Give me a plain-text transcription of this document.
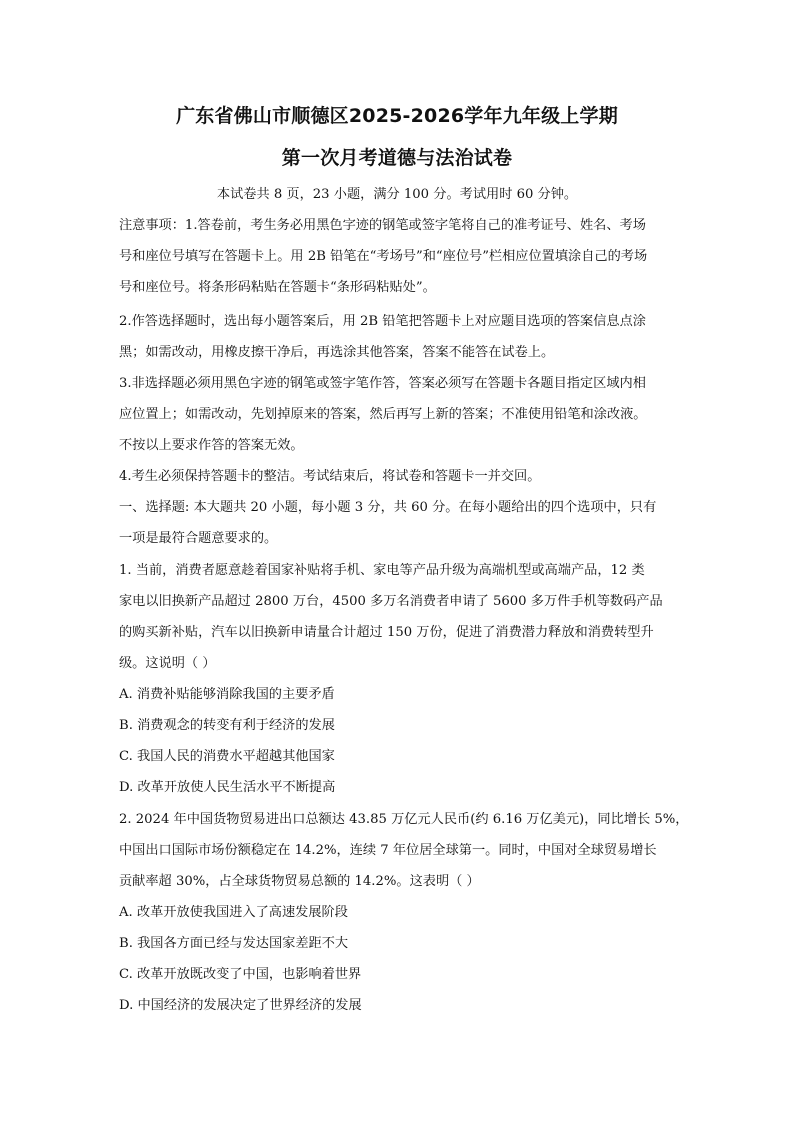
广东省佛山市顺德区2025-2026学年九年级上学期
第一次月考道德与法治试卷
本试卷共 8 页，23 小题，满分 100 分。考试用时 60 分钟。
注意事项：1.答卷前，考生务必用黑色字迹的钢笔或签字笔将自己的准考证号、姓名、考场
号和座位号填写在答题卡上。用 2B 铅笔在“考场号”和“座位号”栏相应位置填涂自己的考场
号和座位号。将条形码粘贴在答题卡“条形码粘贴处”。
2.作答选择题时，选出每小题答案后，用 2B 铅笔把答题卡上对应题目选项的答案信息点涂
黑；如需改动，用橡皮擦干净后，再选涂其他答案，答案不能答在试卷上。
3.非选择题必须用黑色字迹的钢笔或签字笔作答，答案必须写在答题卡各题目指定区域内相
应位置上；如需改动，先划掉原来的答案，然后再写上新的答案；不准使用铅笔和涂改液。
不按以上要求作答的答案无效。
4.考生必须保持答题卡的整洁。考试结束后，将试卷和答题卡一并交回。
一、选择题: 本大题共 20 小题，每小题 3 分，共 60 分。在每小题给出的四个选项中，只有
一项是最符合题意要求的。
1. 当前，消费者愿意趁着国家补贴将手机、家电等产品升级为高端机型或高端产品，12 类
家电以旧换新产品超过 2800 万台，4500 多万名消费者申请了 5600 多万件手机等数码产品
的购买新补贴，汽车以旧换新申请量合计超过 150 万份，促进了消费潜力释放和消费转型升
级。这说明（ ）
A. 消费补贴能够消除我国的主要矛盾
B. 消费观念的转变有利于经济的发展
C. 我国人民的消费水平超越其他国家
D. 改革开放使人民生活水平不断提高
2. 2024 年中国货物贸易进出口总额达 43.85 万亿元人民币(约 6.16 万亿美元)，同比增长 5%，
中国出口国际市场份额稳定在 14.2%，连续 7 年位居全球第一。同时，中国对全球贸易增长
贡献率超 30%，占全球货物贸易总额的 14.2%。这表明（ ）
A. 改革开放使我国进入了高速发展阶段
B. 我国各方面已经与发达国家差距不大
C. 改革开放既改变了中国，也影响着世界
D. 中国经济的发展决定了世界经济的发展
